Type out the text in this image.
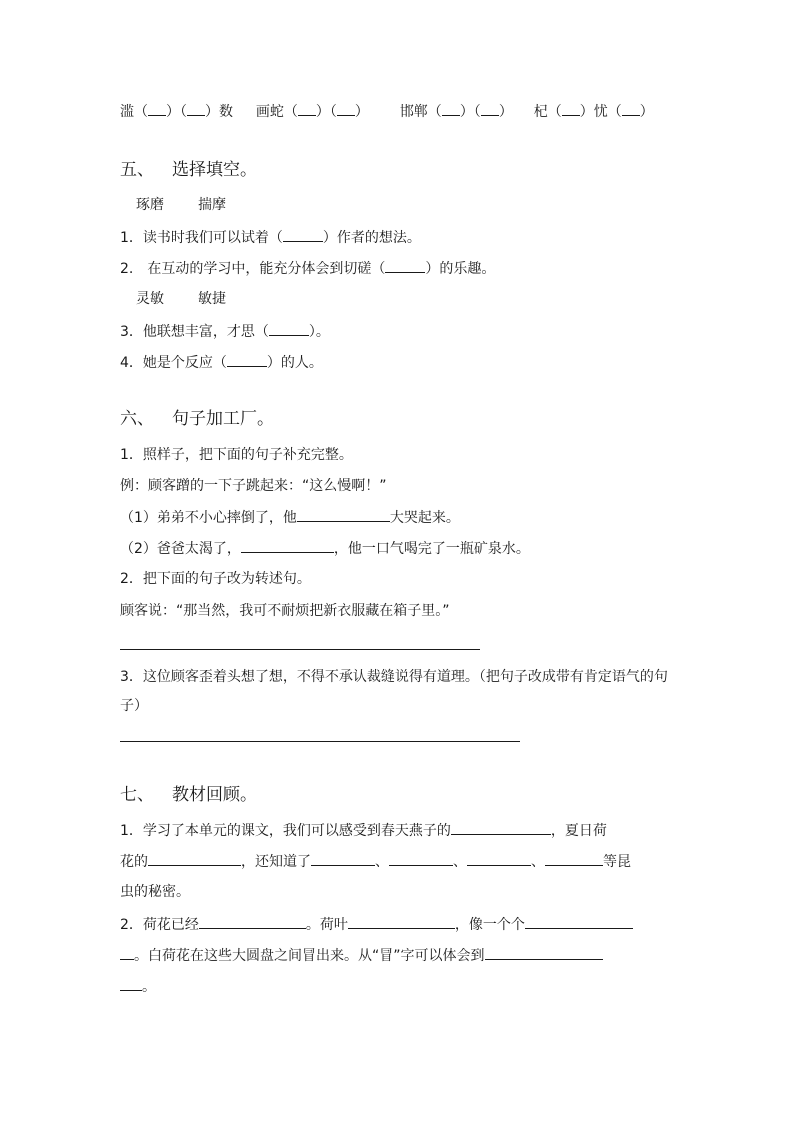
滥（ ）（ ）数 画蛇（ ）（ ） 邯郸（ ）（ ） 杞（ ）忧（ ）
五、 选择填空。
琢磨 揣摩
1．读书时我们可以试着（	）作者的想法。
2.　在互动的学习中，能充分体会到切磋（	）的乐趣。
灵敏 敏捷
3．他联想丰富，才思（	）。
4．她是个反应（	）的人。
六、 句子加工厂。
1．照样子，把下面的句子补充完整。
例：顾客蹭的一下子跳起来：“这么慢啊！”
（1）弟弟不小心摔倒了，他	大哭起来。
（2）爸爸太渴了，	，他一口气喝完了一瓶矿泉水。
2．把下面的句子改为转述句。
顾客说：“那当然，我可不耐烦把新衣服藏在箱子里。”
3．这位顾客歪着头想了想，不得不承认裁缝说得有道理。（把句子改成带有肯定语气的句子）
七、 教材回顾。
1．学习了本单元的课文，我们可以感受到春天燕子的	，夏日荷
花的	，还知道了	、	、	、	等昆
虫的秘密。
2．荷花已经	。荷叶	，像一个个
。白荷花在这些大圆盘之间冒出来。从“冒”字可以体会到
。
